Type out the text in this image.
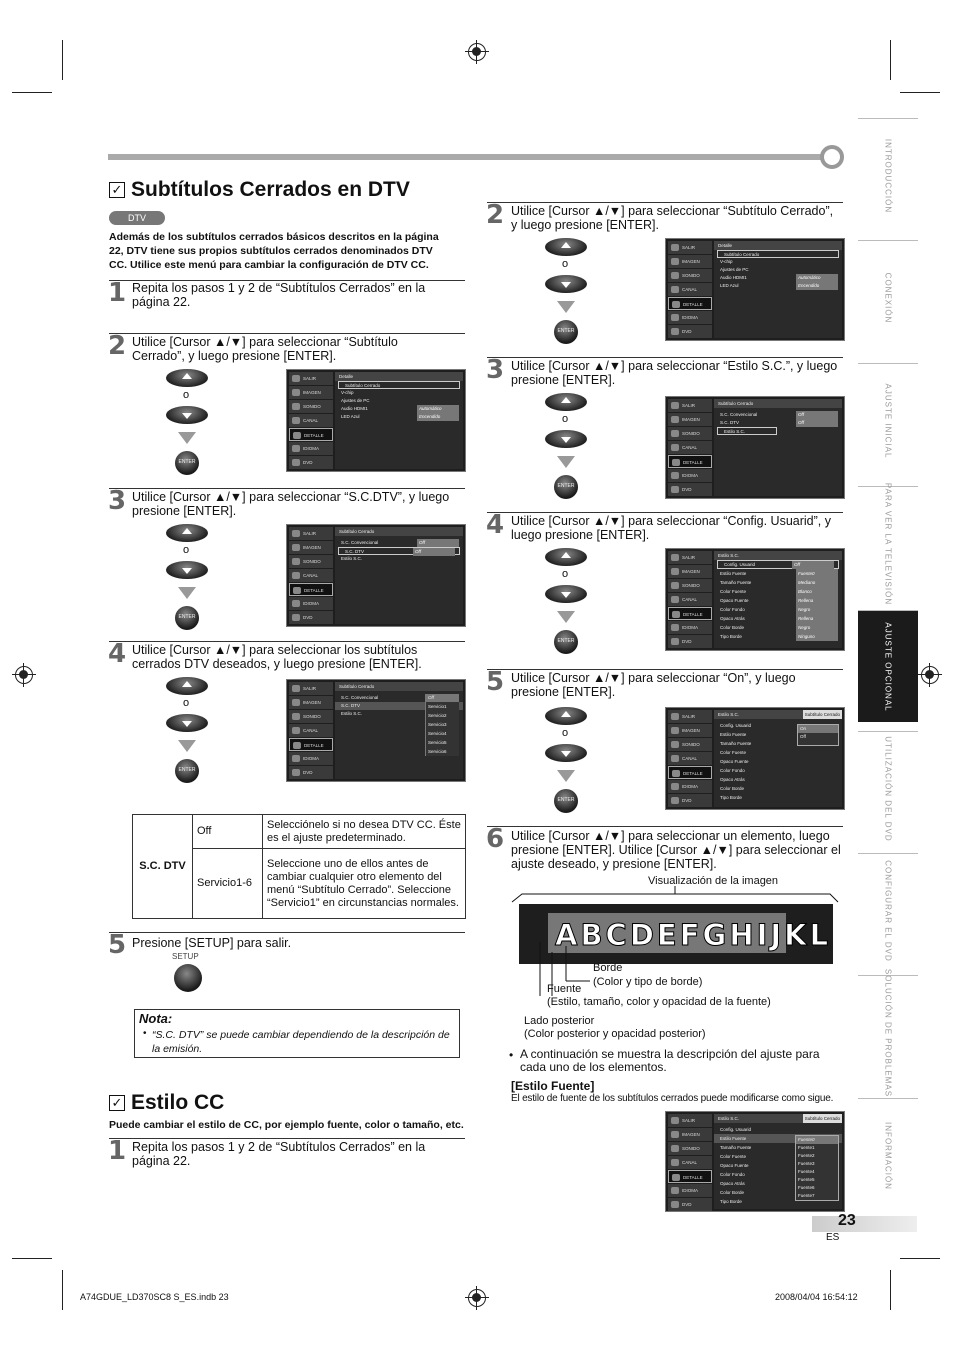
INTRODUCCIÓN
CONEXIÓN
AJUSTE INICIAL
PARA VER LA TELEVISIÓN
AJUSTE OPCIONAL
UTILIZACIÓN DEL DVD
CONFIGURAR EL DVD
SOLUCIÓN DE PROBLEMAS
INFORMACIÓN
✓ Subtítulos Cerrados en DTV
DTV
Además de los subtítulos cerrados básicos descritos en la página 22, DTV tiene sus propios subtítulos cerrados denominados DTV CC. Utilice este menú para cambiar la configuración de DTV CC.
1 Repita los pasos 1 y 2 de “Subtítulos Cerrados” en la página 22.
2 Utilice [Cursor ▲/▼] para seleccionar “Subtítulo Cerrado”, y luego presione [ENTER].
o
ENTER
SALIR
IMAGEN
SONIDO
CANAL
DETALLE
IDIOMA
DVD
Detalle
Subtítulo Cerrado
V-chip
Ajustes de PC
Audio HDMI1	Automático
LED Azul	Encendido
3 Utilice [Cursor ▲/▼] para seleccionar “S.C.DTV”, y luego presione [ENTER].
o
ENTER
SALIR
IMAGEN
SONIDO
CANAL
DETALLE
IDIOMA
DVD
Subtítulo Cerrado
S.C. Convencional	Off
S.C. DTV	Off
Estilo S.C.
4 Utilice [Cursor ▲/▼] para seleccionar los subtítulos cerrados DTV deseados, y luego presione [ENTER].
o
ENTER
SALIR
IMAGEN
SONIDO
CANAL
DETALLE
IDIOMA
DVD
Subtítulo Cerrado
S.C. Convencional
S.C. DTV
Estilo S.C.
Off
Servicio1
Servicio2
Servicio3
Servicio4
Servicio5
Servicio6
S.C. DTV	Off	Selecciónelo si no desea DTV CC. Éste es el ajuste predeterminado.
	Servicio1-6	Seleccione uno de ellos antes de cambiar cualquier otro elemento del menú “Subtítulo Cerrado”. Seleccione “Servicio1” en circunstancias normales.
5 Presione [SETUP] para salir.
SETUP
Nota:
• “S.C. DTV” se puede cambiar dependiendo de la descripción de la emisión.
✓ Estilo CC
Puede cambiar el estilo de CC, por ejemplo fuente, color o tamaño, etc.
1 Repita los pasos 1 y 2 de “Subtítulos Cerrados” en la página 22.
2 Utilice [Cursor ▲/▼] para seleccionar “Subtítulo Cerrado”, y luego presione [ENTER].
o
ENTER
SALIR
IMAGEN
SONIDO
CANAL
DETALLE
IDIOMA
DVD
Detalle
Subtítulo Cerrado
V-chip
Ajustes de PC
Audio HDMI1	Automático
LED Azul	Encendido
3 Utilice [Cursor ▲/▼] para seleccionar “Estilo S.C.”, y luego presione [ENTER].
o
ENTER
SALIR
IMAGEN
SONIDO
CANAL
DETALLE
IDIOMA
DVD
Subtítulo Cerrado
S.C. Convencional	Off
S.C. DTV	Off
Estilo S.C.
4 Utilice [Cursor ▲/▼] para seleccionar “Config. Usuarid”, y luego presione [ENTER].
o
ENTER
SALIR
IMAGEN
SONIDO
CANAL
DETALLE
IDIOMA
DVD
Estilo S.C.
Config. Usuarid	Off
Estilo Fuente	Fuente0
Tamaño Fuente	Mediano
Color Fuente	Blanco
Opaco Fuente	Rellena
Color Fondo	Negro
Opaco Atrás	Rellena
Color Borde	Negro
Tipo Borde	Ninguno
5 Utilice [Cursor ▲/▼] para seleccionar “On”, y luego presione [ENTER].
o
ENTER
SALIR
IMAGEN
SONIDO
CANAL
DETALLE
IDIOMA
DVD
Estilo S.C.	Subtítulo Cerrado
Config. Usuarid
Estilo Fuente
Tamaño Fuente
Color Fuente
Opaco Fuente
Color Fondo
Opaco Atrás
Color Borde
Tipo Borde
On
Off
6 Utilice [Cursor ▲/▼] para seleccionar un elemento, luego presione [ENTER]. Utilice [Cursor ▲/▼] para seleccionar el ajuste deseado, y presione [ENTER].
Visualización de la imagen
ABCDEFGHIJKL
Borde
(Color y tipo de borde)
Fuente
(Estilo, tamaño, color y opacidad de la fuente)
Lado posterior
(Color posterior y opacidad posterior)
• A continuación se muestra la descripción del ajuste para cada uno de los elementos.
[Estilo Fuente]
El estilo de fuente de los subtítulos cerrados puede modificarse como sigue.
SALIR
IMAGEN
SONIDO
CANAL
DETALLE
IDIOMA
DVD
Estilo S.C.	Subtítulo Cerrado
Config. Usuarid
Estilo Fuente
Tamaño Fuente
Color Fuente
Opaco Fuente
Color Fondo
Opaco Atrás
Color Borde
Tipo Borde
Fuente0
Fuente1
Fuente2
Fuente3
Fuente4
Fuente5
Fuente6
Fuente7
23
ES
A74GDUE_LD370SC8 S_ES.indb 23	2008/04/04 16:54:12
